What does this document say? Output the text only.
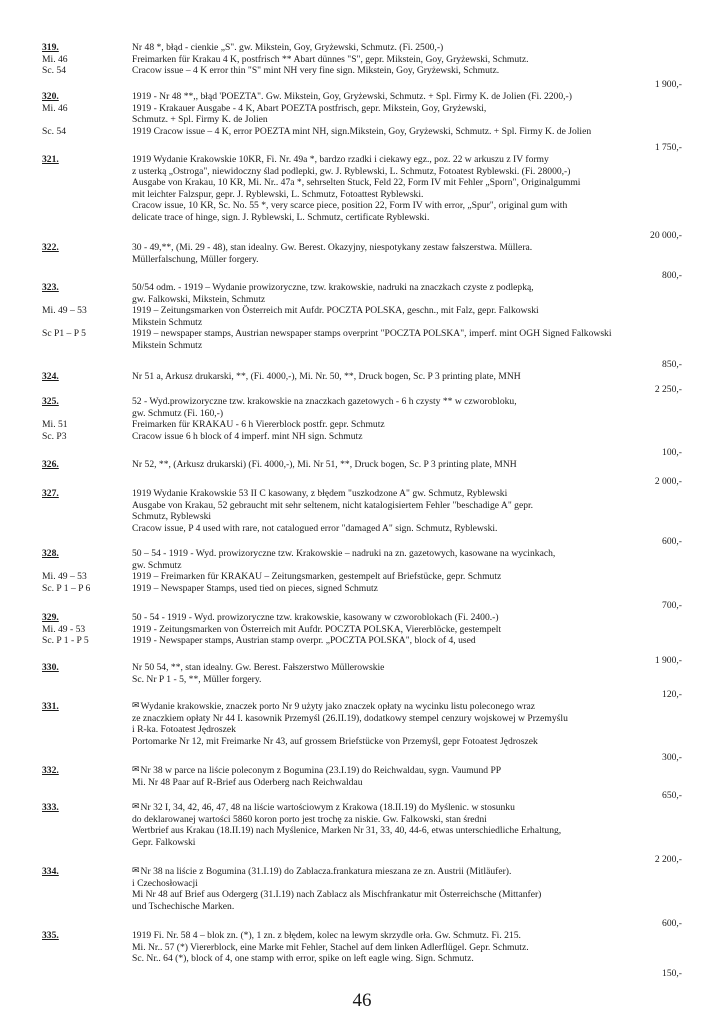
319.	Nr 48 *, błąd - cienkie „S". gw. Mikstein, Goy, Gryżewski, Schmutz. (Fi. 2500,-)
Mi. 46	Freimarken für Krakau 4 K, postfrisch ** Abart dünnes "S", gepr. Mikstein, Goy, Gryżewski, Schmutz.
Sc. 54	Cracow issue – 4 K error thin "S" mint NH very fine sign. Mikstein, Goy, Gryżewski, Schmutz.
1 900,-
320.	1919 - Nr 48 **,, błąd 'POEZTA". Gw. Mikstein, Goy, Gryżewski, Schmutz. + Spl. Firmy K. de Jolien (Fi. 2200,-)
Mi. 46	1919 - Krakauer Ausgabe - 4 K, Abart POEZTA postfrisch, gepr. Mikstein, Goy, Gryżewski,
Schmutz. + Spl. Firmy K. de Jolien
Sc. 54	1919 Cracow issue – 4 K, error POEZTA mint NH, sign.Mikstein, Goy, Gryżewski, Schmutz. + Spl. Firmy K. de Jolien
1 750,-
321.	1919 Wydanie Krakowskie 10KR, Fi. Nr. 49a *, bardzo rzadki i ciekawy egz., poz. 22 w arkuszu z IV formy
z usterką „Ostroga", niewidoczny ślad podlepki, gw. J. Ryblewski, L. Schmutz, Fotoatest Ryblewski. (Fi. 28000,-)
Ausgabe von Krakau, 10 KR, Mi. Nr.. 47a *, sehrselten Stuck, Feld 22, Form IV mit Fehler „Sporn", Originalgummi
mit leichter Falzspur, gepr. J. Ryblewski, L. Schmutz, Fotoattest Ryblewski.
Cracow issue, 10 KR, Sc. No. 55 *, very scarce piece, position 22, Form IV with error, „Spur", original gum with
delicate trace of hinge, sign. J. Ryblewski, L. Schmutz, certificate Ryblewski.
20 000,-
322.	30 - 49,**, (Mi. 29 - 48), stan idealny. Gw. Berest. Okazyjny, niespotykany zestaw fałszerstwa. Müllera.
Müllerfalschung, Müller forgery.
800,-
323.	50/54 odm. - 1919 – Wydanie prowizoryczne, tzw. krakowskie, nadruki na znaczkach czyste z podlepką,
gw. Falkowski, Mikstein, Schmutz
Mi. 49 – 53	1919 – Zeitungsmarken von Österreich mit Aufdr. POCZTA POLSKA, geschn., mit Falz, gepr. Falkowski
Mikstein Schmutz
Sc P1 – P 5	1919 – newspaper stamps, Austrian newspaper stamps overprint "POCZTA POLSKA", imperf. mint OGH Signed Falkowski
Mikstein Schmutz
850,-
324.	Nr 51 a, Arkusz drukarski, **, (Fi. 4000,-), Mi. Nr. 50, **, Druck bogen, Sc. P 3 printing plate, MNH
2 250,-
325.	52 - Wyd.prowizoryczne tzw. krakowskie na znaczkach gazetowych - 6 h czysty ** w czworobloku,
gw. Schmutz (Fi. 160,-)
Mi. 51	Freimarken für KRAKAU - 6 h Viererblock postfr. gepr. Schmutz
Sc. P3	Cracow issue 6 h block of 4 imperf. mint NH sign. Schmutz
100,-
326.	Nr 52, **, (Arkusz drukarski) (Fi. 4000,-), Mi. Nr 51, **, Druck bogen, Sc. P 3 printing plate, MNH
2 000,-
327.	1919 Wydanie Krakowskie 53 II C kasowany, z błędem "uszkodzone A" gw. Schmutz, Ryblewski
Ausgabe von Krakau, 52 gebraucht mit sehr seltenem, nicht katalogisiertem Fehler "beschadige A" gepr.
Schmutz, Ryblewski
Cracow issue, P 4 used with rare, not catalogued error "damaged A" sign. Schmutz, Ryblewski.
600,-
328.	50 – 54 - 1919 - Wyd. prowizoryczne tzw. Krakowskie – nadruki na zn. gazetowych, kasowane na wycinkach,
gw. Schmutz
Mi. 49 – 53	1919 – Freimarken für KRAKAU – Zeitungsmarken, gestempelt auf Briefstücke, gepr. Schmutz
Sc. P 1 – P 6	1919 – Newspaper Stamps, used tied on pieces, signed Schmutz
700,-
329.	50 - 54 - 1919 - Wyd. prowizoryczne tzw. krakowskie, kasowany w czworoblokach (Fi. 2400.-)
Mi. 49 - 53	1919 - Zeitungsmarken von Österreich mit Aufdr. POCZTA POLSKA, Viererblöcke, gestempelt
Sc. P 1 - P 5	1919 - Newspaper stamps, Austrian stamp overpr. „POCZTA POLSKA", block of 4, used
1 900,-
330.	Nr 50 54, **, stan idealny. Gw. Berest. Fałszerstwo Müllerowskie
Sc. Nr P 1 - 5, **, Müller forgery.
120,-
331.	✉ Wydanie krakowskie, znaczek porto Nr 9 użyty jako znaczek opłaty na wycinku listu poleconego wraz
ze znaczkiem opłaty Nr 44 I. kasownik Przemyśl (26.II.19), dodatkowy stempel cenzury wojskowej w Przemyślu
i R-ka. Fotoatest Jędroszek
Portomarke Nr 12, mit Freimarke Nr 43, auf grossem Briefstücke von Przemyśl, gepr Fotoatest Jędroszek
300,-
332.	✉ Nr 38 w parce na liście poleconym z Bogumina (23.I.19) do Reichwaldau, sygn. Vaumund PP
Mi. Nr 48 Paar auf R-Brief aus Oderberg nach Reichwaldau
650,-
333.	✉ Nr 32 I, 34, 42, 46, 47, 48 na liście wartościowym z Krakowa (18.II.19) do Myślenic. w stosunku
do deklarowanej wartości 5860 koron porto jest trochę za niskie. Gw. Falkowski, stan średni
Wertbrief aus Krakau (18.II.19) nach Myślenice, Marken Nr 31, 33, 40, 44-6, etwas unterschiedliche Erhaltung,
Gepr. Falkowski
2 200,-
334.	✉ Nr 38 na liście z Bogumina (31.I.19) do Zablacza.frankatura mieszana ze zn. Austrii (Mitläufer).
i Czechosłowacji
Mi Nr 48 auf Brief aus Odergerg (31.I.19) nach Zablacz als Mischfrankatur mit Österreichsche (Mittanfer)
und Tschechische Marken.
600,-
335.	1919 Fi. Nr. 58 4 – blok zn. (*), 1 zn. z błędem, kolec na lewym skrzydle orła. Gw. Schmutz. Fi. 215.
Mi. Nr.. 57 (*) Viererblock, eine Marke mit Fehler, Stachel auf dem linken Adlerflügel. Gepr. Schmutz.
Sc. Nr.. 64 (*), block of 4, one stamp with error, spike on left eagle wing. Sign. Schmutz.
150,-
46
